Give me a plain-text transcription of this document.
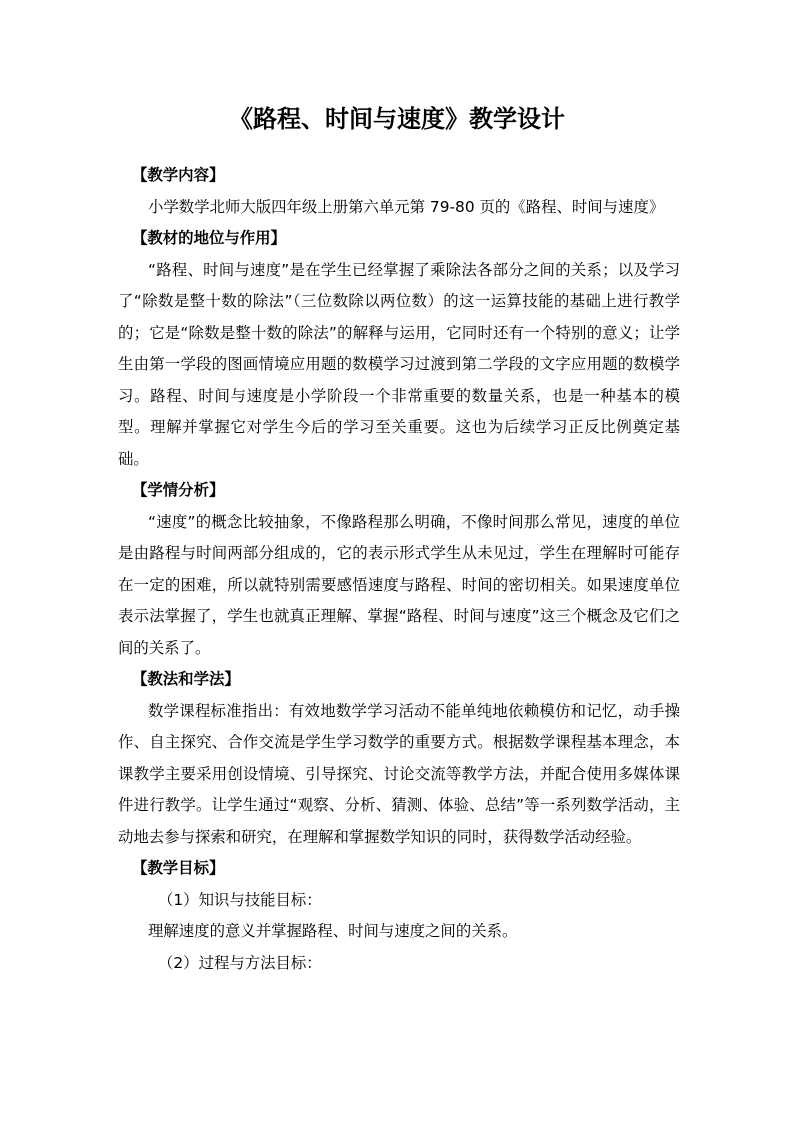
《路程、时间与速度》教学设计
【教学内容】
小学数学北师大版四年级上册第六单元第 79-80 页的《路程、时间与速度》
【教材的地位与作用】
“路程、时间与速度”是在学生已经掌握了乘除法各部分之间的关系；以及学习了“除数是整十数的除法”（三位数除以两位数）的这一运算技能的基础上进行教学的；它是“除数是整十数的除法”的解释与运用，它同时还有一个特别的意义；让学生由第一学段的图画情境应用题的数模学习过渡到第二学段的文字应用题的数模学习。路程、时间与速度是小学阶段一个非常重要的数量关系，也是一种基本的模型。理解并掌握它对学生今后的学习至关重要。这也为后续学习正反比例奠定基础。
【学情分析】
“速度”的概念比较抽象，不像路程那么明确，不像时间那么常见，速度的单位是由路程与时间两部分组成的，它的表示形式学生从未见过，学生在理解时可能存在一定的困难，所以就特别需要感悟速度与路程、时间的密切相关。如果速度单位表示法掌握了，学生也就真正理解、掌握“路程、时间与速度”这三个概念及它们之间的关系了。
【教法和学法】
数学课程标准指出：有效地数学学习活动不能单纯地依赖模仿和记忆，动手操作、自主探究、合作交流是学生学习数学的重要方式。根据数学课程基本理念，本课教学主要采用创设情境、引导探究、讨论交流等教学方法，并配合使用多媒体课件进行教学。让学生通过“观察、分析、猜测、体验、总结”等一系列数学活动，主动地去参与探索和研究，在理解和掌握数学知识的同时，获得数学活动经验。
【教学目标】
（1）知识与技能目标：
理解速度的意义并掌握路程、时间与速度之间的关系。
（2）过程与方法目标：
